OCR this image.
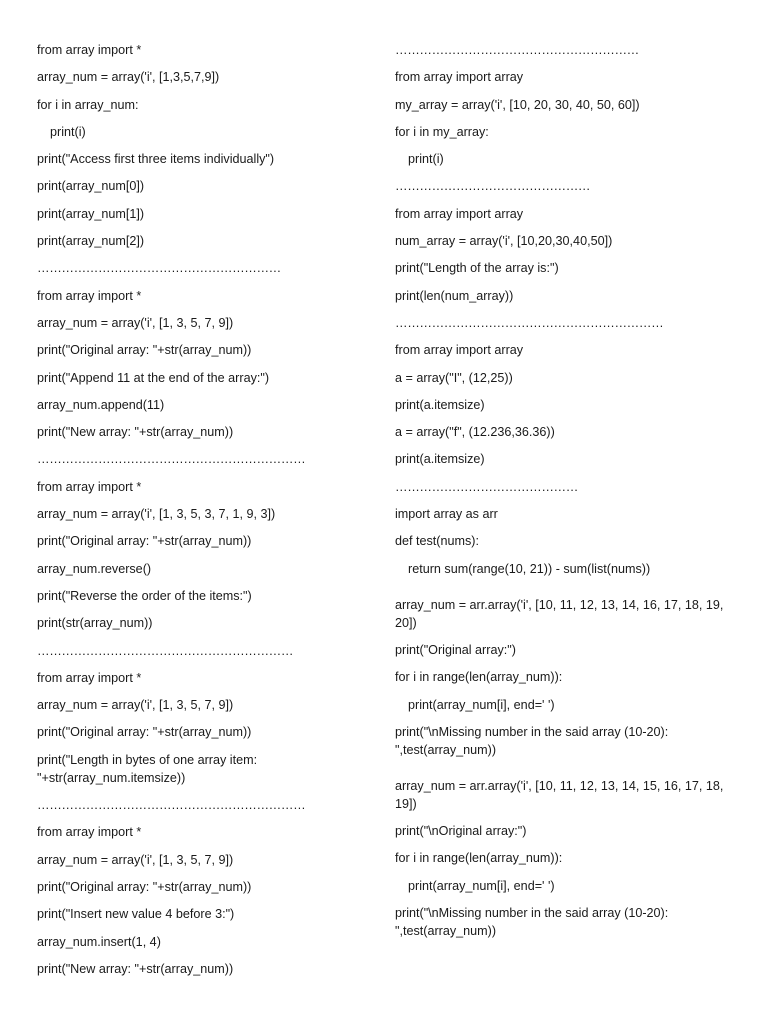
from array import *
array_num = array('i', [1,3,5,7,9])
for i in array_num:
print(i)
print("Access first three items individually")
print(array_num[0])
print(array_num[1])
print(array_num[2])
……………………………………………………
from array import *
array_num = array('i', [1, 3, 5, 7, 9])
print("Original array: "+str(array_num))
print("Append 11 at the end of the array:")
array_num.append(11)
print("New array: "+str(array_num))
…………………………………………………………
from array import *
array_num = array('i', [1, 3, 5, 3, 7, 1, 9, 3])
print("Original array: "+str(array_num))
array_num.reverse()
print("Reverse the order of the items:")
print(str(array_num))
………………………………………………………
from array import *
array_num = array('i', [1, 3, 5, 7, 9])
print("Original array: "+str(array_num))
print("Length in bytes of one array item: "+str(array_num.itemsize))
…………………………………………………………
from array import *
array_num = array('i', [1, 3, 5, 7, 9])
print("Original array: "+str(array_num))
print("Insert new value 4 before 3:")
array_num.insert(1, 4)
print("New array: "+str(array_num))
……………………………………………………
from array import array
my_array = array('i', [10, 20, 30, 40, 50, 60])
for i in my_array:
print(i)
…………………………………………
from array import array
num_array = array('i', [10,20,30,40,50])
print("Length of the array is:")
print(len(num_array))
…………………………………………………………
from array import array
a = array("I", (12,25))
print(a.itemsize)
a = array("f", (12.236,36.36))
print(a.itemsize)
………………………………………
import array as arr
def test(nums):
return sum(range(10, 21)) - sum(list(nums))
array_num = arr.array('i', [10, 11, 12, 13, 14, 16, 17, 18, 19, 20])
print("Original array:")
for i in range(len(array_num)):
print(array_num[i], end=' ')
print("\nMissing number in the said array (10-20): ",test(array_num))
array_num = arr.array('i', [10, 11, 12, 13, 14, 15, 16, 17, 18, 19])
print("\nOriginal array:")
for i in range(len(array_num)):
print(array_num[i], end=' ')
print("\nMissing number in the said array (10-20): ",test(array_num))
